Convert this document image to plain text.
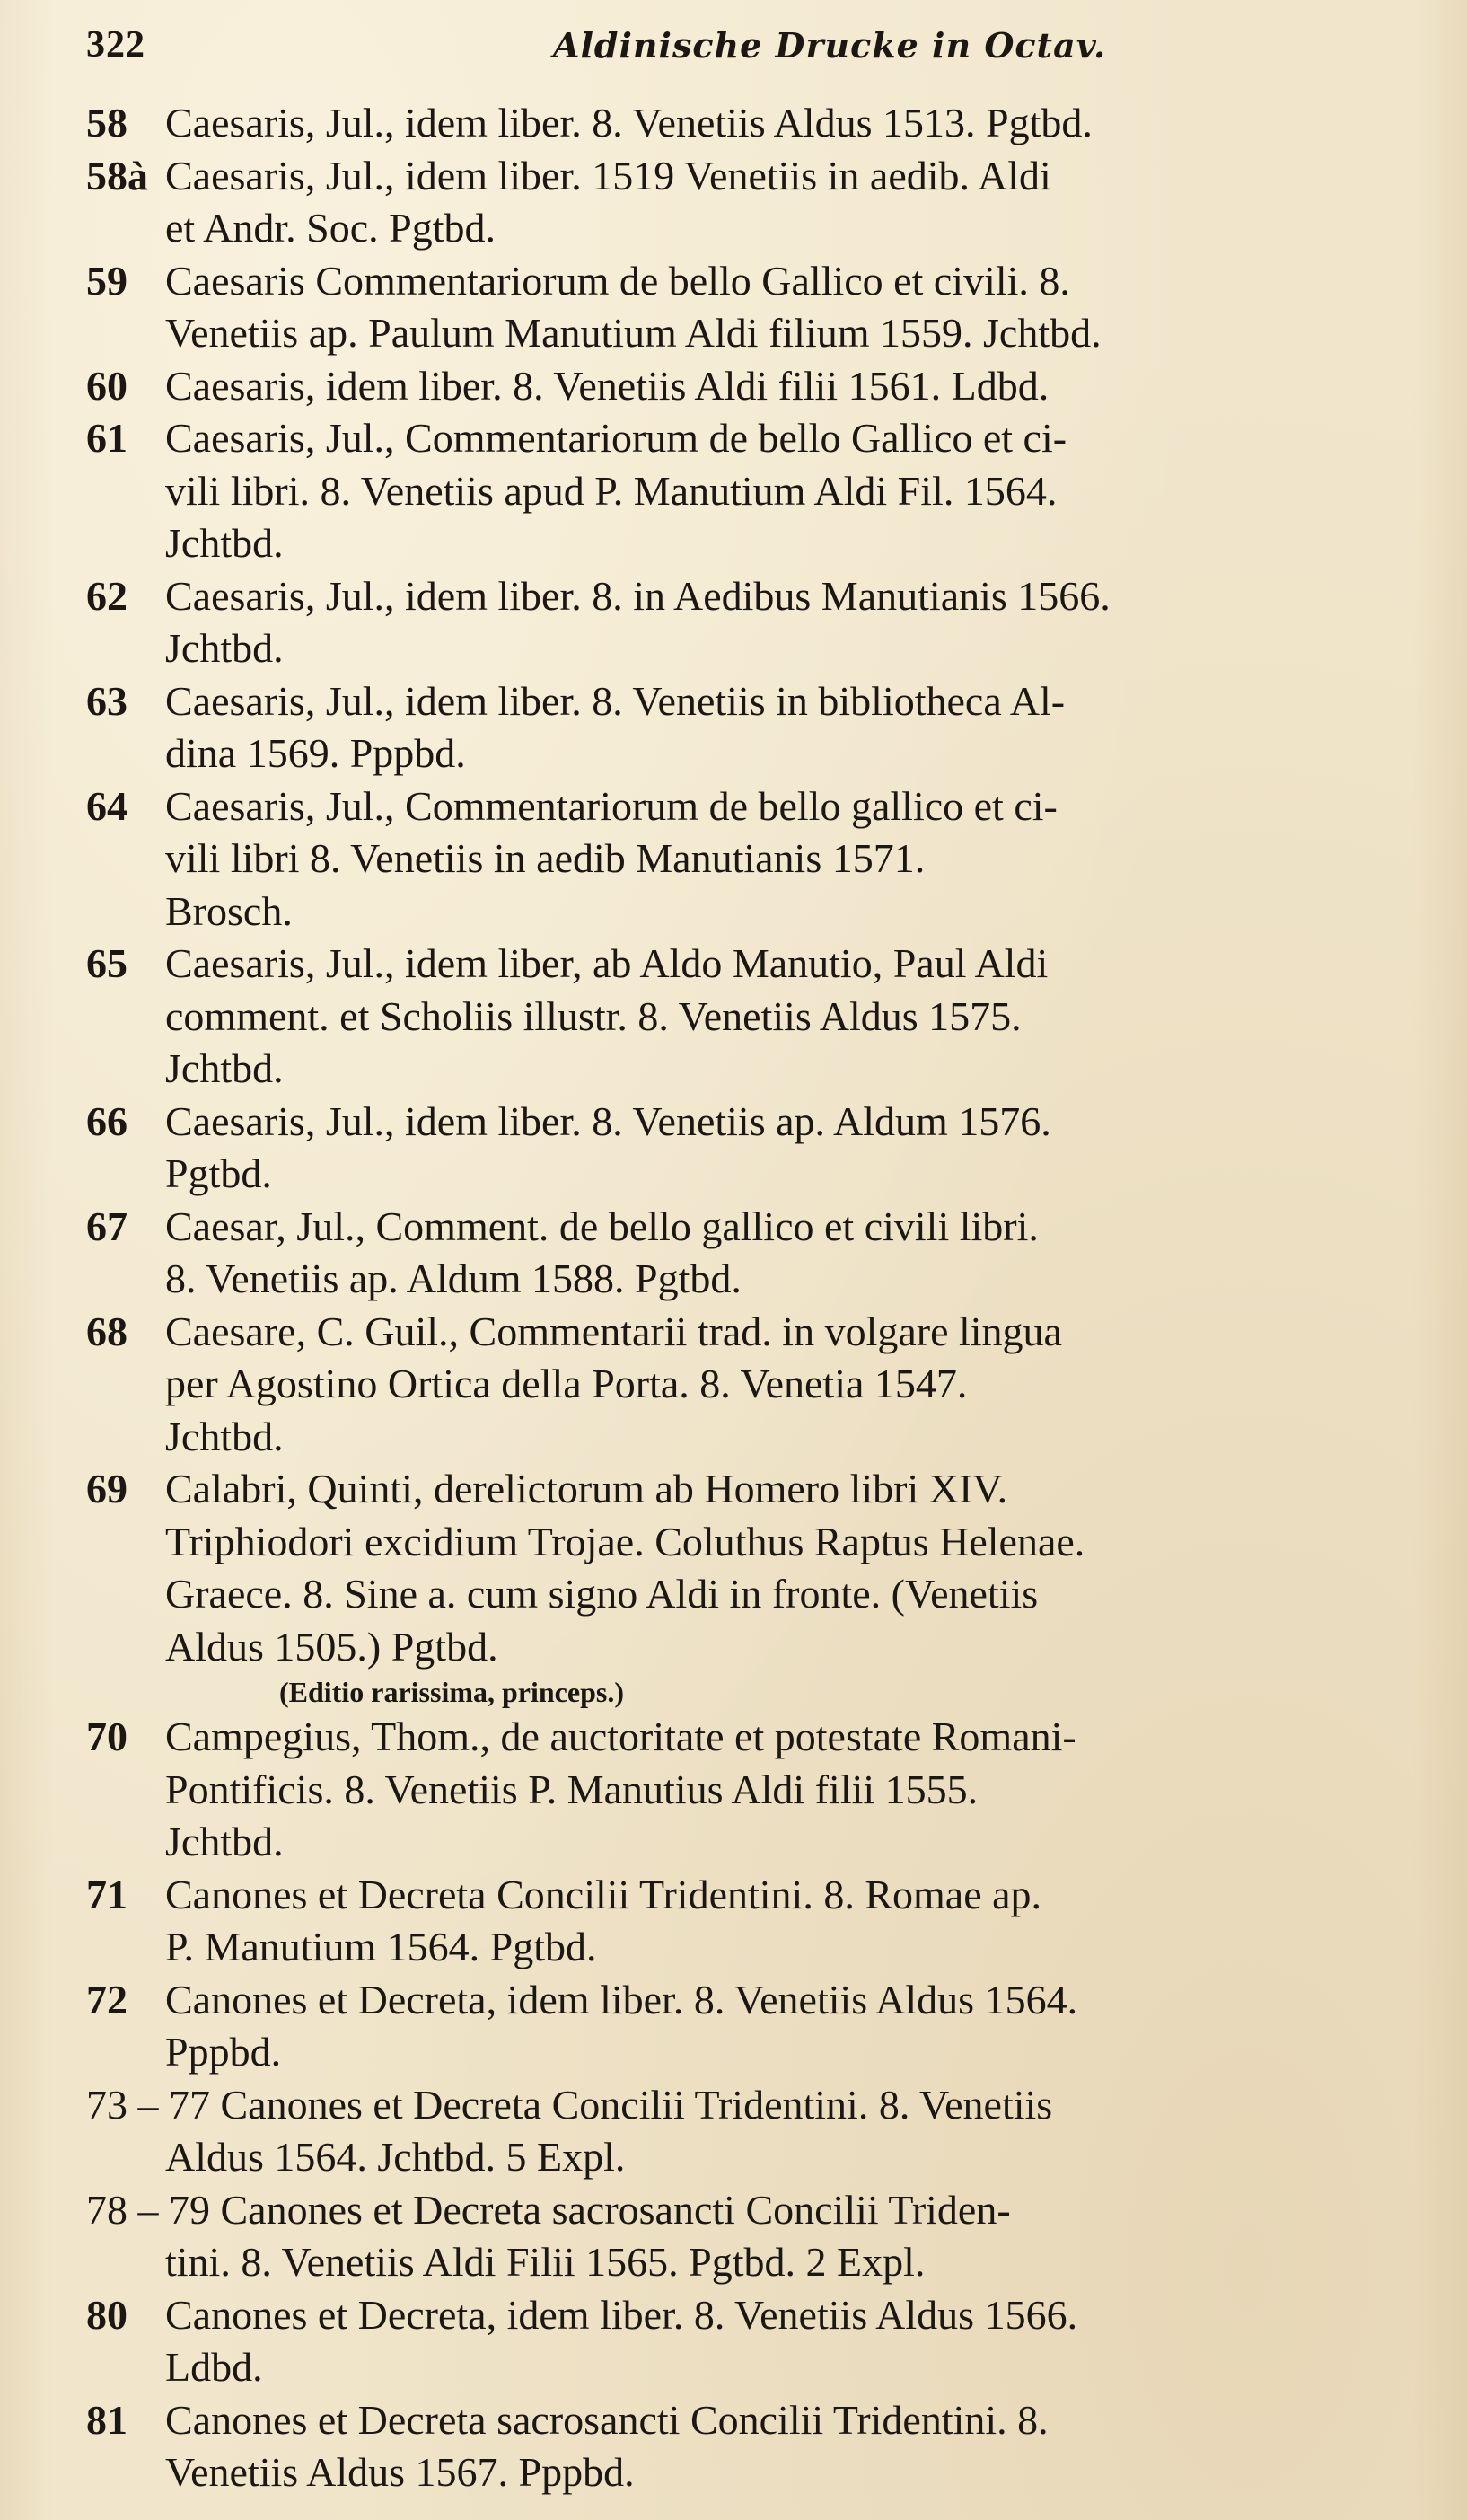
322	Aldinische Drucke in Octav.
58 Caesaris, Jul., idem liber. 8. Venetiis Aldus 1513. Pgtbd.
58à Caesaris, Jul., idem liber. 1519 Venetiis in aedib. Aldi
et Andr. Soc. Pgtbd.
59 Caesaris Commentariorum de bello Gallico et civili. 8.
Venetiis ap. Paulum Manutium Aldi filium 1559. Jchtbd.
60 Caesaris, idem liber. 8. Venetiis Aldi filii 1561. Ldbd.
61 Caesaris, Jul., Commentariorum de bello Gallico et ci-
vili libri. 8. Venetiis apud P. Manutium Aldi Fil. 1564.
Jchtbd.
62 Caesaris, Jul., idem liber. 8. in Aedibus Manutianis 1566.
Jchtbd.
63 Caesaris, Jul., idem liber. 8. Venetiis in bibliotheca Al-
dina 1569. Pppbd.
64 Caesaris, Jul., Commentariorum de bello gallico et ci-
vili libri 8. Venetiis in aedib Manutianis 1571.
Brosch.
65 Caesaris, Jul., idem liber, ab Aldo Manutio, Paul Aldi
comment. et Scholiis illustr. 8. Venetiis Aldus 1575.
Jchtbd.
66 Caesaris, Jul., idem liber. 8. Venetiis ap. Aldum 1576.
Pgtbd.
67 Caesar, Jul., Comment. de bello gallico et civili libri.
8. Venetiis ap. Aldum 1588. Pgtbd.
68 Caesare, C. Guil., Commentarii trad. in volgare lingua
per Agostino Ortica della Porta. 8. Venetia 1547.
Jchtbd.
69 Calabri, Quinti, derelictorum ab Homero libri XIV.
Triphiodori excidium Trojae. Coluthus Raptus Helenae.
Graece. 8. Sine a. cum signo Aldi in fronte. (Venetiis
Aldus 1505.) Pgtbd.
(Editio rarissima, princeps.)
70 Campegius, Thom., de auctoritate et potestate Romani-
Pontificis. 8. Venetiis P. Manutius Aldi filii 1555.
Jchtbd.
71 Canones et Decreta Concilii Tridentini. 8. Romae ap.
P. Manutium 1564. Pgtbd.
72 Canones et Decreta, idem liber. 8. Venetiis Aldus 1564.
Pppbd.
73 – 77 Canones et Decreta Concilii Tridentini. 8. Venetiis
Aldus 1564. Jchtbd. 5 Expl.
78 – 79 Canones et Decreta sacrosancti Concilii Triden-
tini. 8. Venetiis Aldi Filii 1565. Pgtbd. 2 Expl.
80 Canones et Decreta, idem liber. 8. Venetiis Aldus 1566.
Ldbd.
81 Canones et Decreta sacrosancti Concilii Tridentini. 8.
Venetiis Aldus 1567. Pppbd.
